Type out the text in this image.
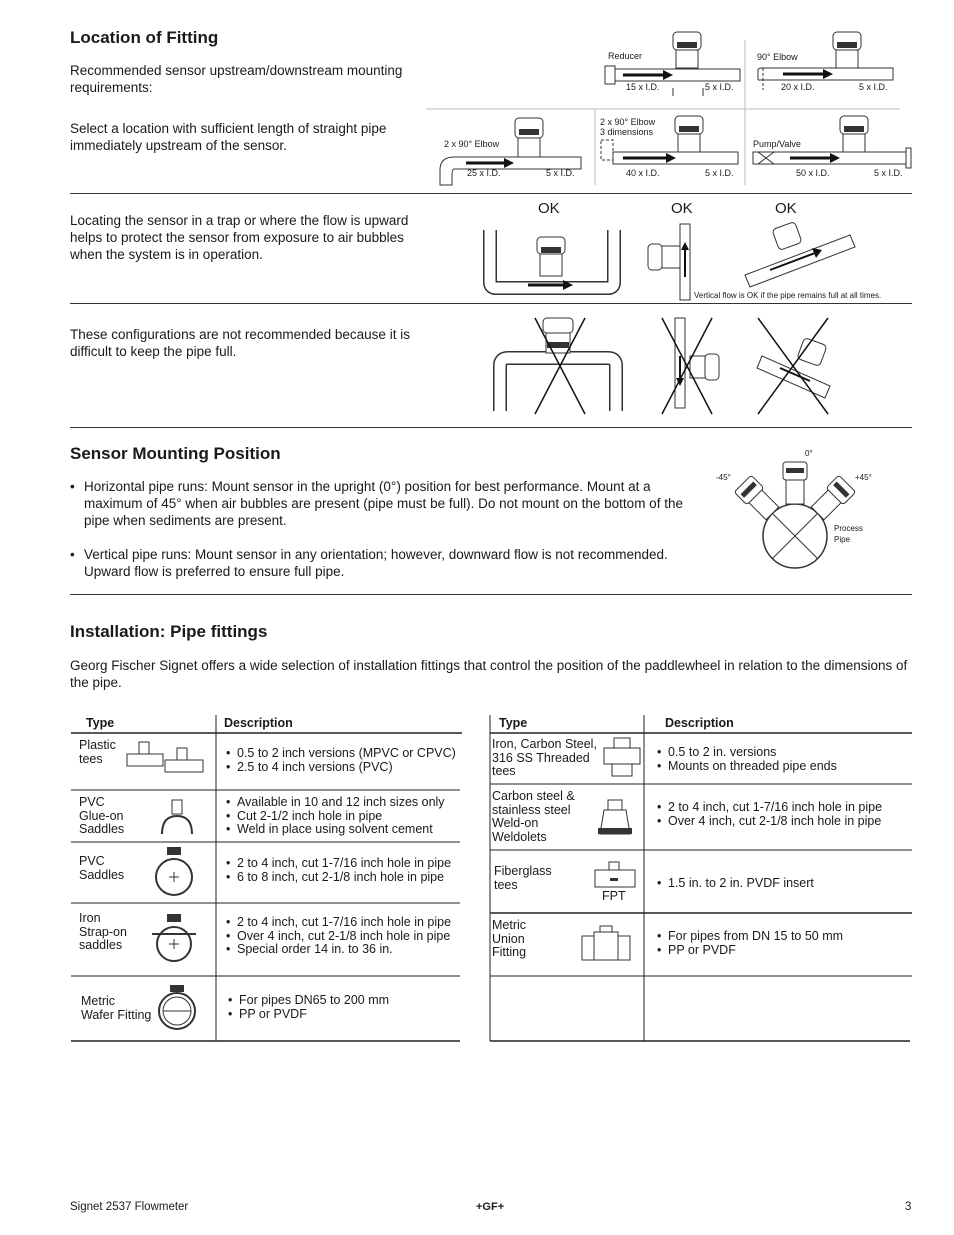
Location of Fitting
Recommended sensor upstream/downstream mounting requirements:
Select a location with sufficient length of straight pipe immediately upstream of the sensor.
Reducer
15 x I.D.	5 x I.D.
90° Elbow
20 x I.D.	5 x I.D.
2 x 90° Elbow
25 x I.D.	5 x I.D.
2 x 90° Elbow
3 dimensions
40 x I.D.	5 x I.D.
Pump/Valve
50 x I.D.	5 x I.D.
Locating the sensor in a trap or where the flow is upward helps to protect the sensor from exposure to air bubbles when the system is in operation.
OK	OK	OK
Vertical flow is OK if the pipe remains full at all times.
These configurations are not recommended because it is difficult to keep the pipe full.
Sensor Mounting Position
• Horizontal pipe runs: Mount sensor in the upright (0°) position for best performance. Mount at a maximum of 45° when air bubbles are present (pipe must be full). Do not mount on the bottom of the pipe when sediments are present.
• Vertical pipe runs: Mount sensor in any orientation; however, downward flow is not recommended. Upward flow is preferred to ensure full pipe.
0°
-45°	+45°
Process
Pipe
Installation: Pipe fittings
Georg Fischer Signet offers a wide selection of installation fittings that control the position of the paddlewheel in relation to the dimensions of the pipe.
Type	Description
Plastic
tees
•	0.5 to 2 inch versions (MPVC or CPVC)
• 2.5 to 4 inch versions (PVC)
PVC
Glue-on
Saddles
• Available in 10 and 12 inch sizes only
• Cut 2-1/2 inch hole in pipe
• Weld in place using solvent cement
PVC
Saddles
• 2 to 4 inch, cut 1-7/16 inch hole in pipe
• 6 to 8 inch, cut 2-1/8 inch hole in pipe
Iron
Strap-on
saddles
• 2 to 4 inch, cut 1-7/16 inch hole in pipe
• Over 4 inch, cut 2-1/8 inch hole in pipe
• Special order 14 in. to 36 in.
Metric
Wafer Fitting
• For pipes DN65 to 200 mm
• PP or PVDF
Type	Description
Iron, Carbon Steel,
316 SS Threaded
tees
• 0.5 to 2 in. versions
• Mounts on threaded pipe ends
Carbon steel &
stainless steel
Weld-on
Weldolets
• 2 to 4 inch, cut 1-7/16 inch hole in pipe
• Over 4 inch, cut 2-1/8 inch hole in pipe
Fiberglass
tees
FPT
• 1.5 in. to 2 in. PVDF insert
Metric
Union
Fitting
• For pipes from DN 15 to 50 mm
• PP or PVDF
Signet 2537 Flowmeter	+GF+	3
